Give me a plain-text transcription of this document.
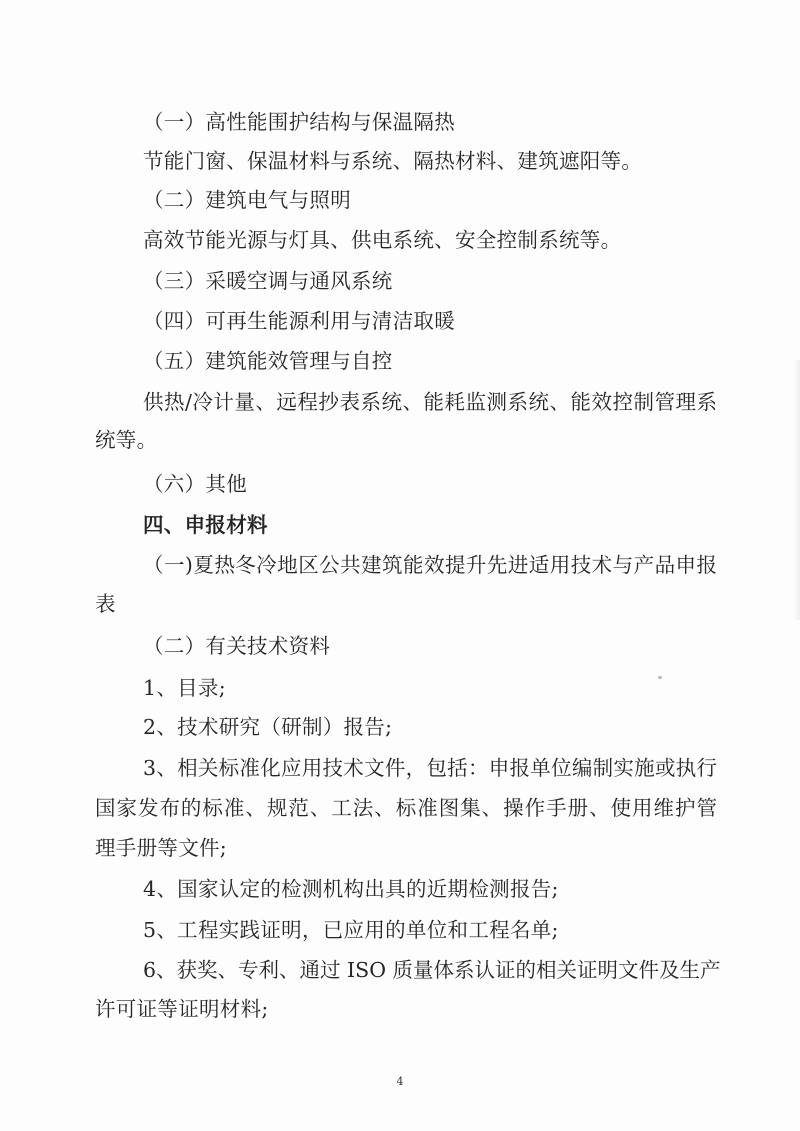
（一）高性能围护结构与保温隔热
节能门窗、保温材料与系统、隔热材料、建筑遮阳等。
（二）建筑电气与照明
高效节能光源与灯具、供电系统、安全控制系统等。
（三）采暖空调与通风系统
（四）可再生能源利用与清洁取暖
（五）建筑能效管理与自控
供热/冷计量、远程抄表系统、能耗监测系统、能效控制管理系
统等。
（六）其他
四、申报材料
（一)夏热冬冷地区公共建筑能效提升先进适用技术与产品申报
表
（二）有关技术资料
1、目录;
2、技术研究（研制）报告;
3、相关标准化应用技术文件，包括：申报单位编制实施或执行
国家发布的标准、规范、工法、标准图集、操作手册、使用维护管
理手册等文件;
4、国家认定的检测机构出具的近期检测报告;
5、工程实践证明，已应用的单位和工程名单;
6、获奖、专利、通过 ISO 质量体系认证的相关证明文件及生产
许可证等证明材料;
4
